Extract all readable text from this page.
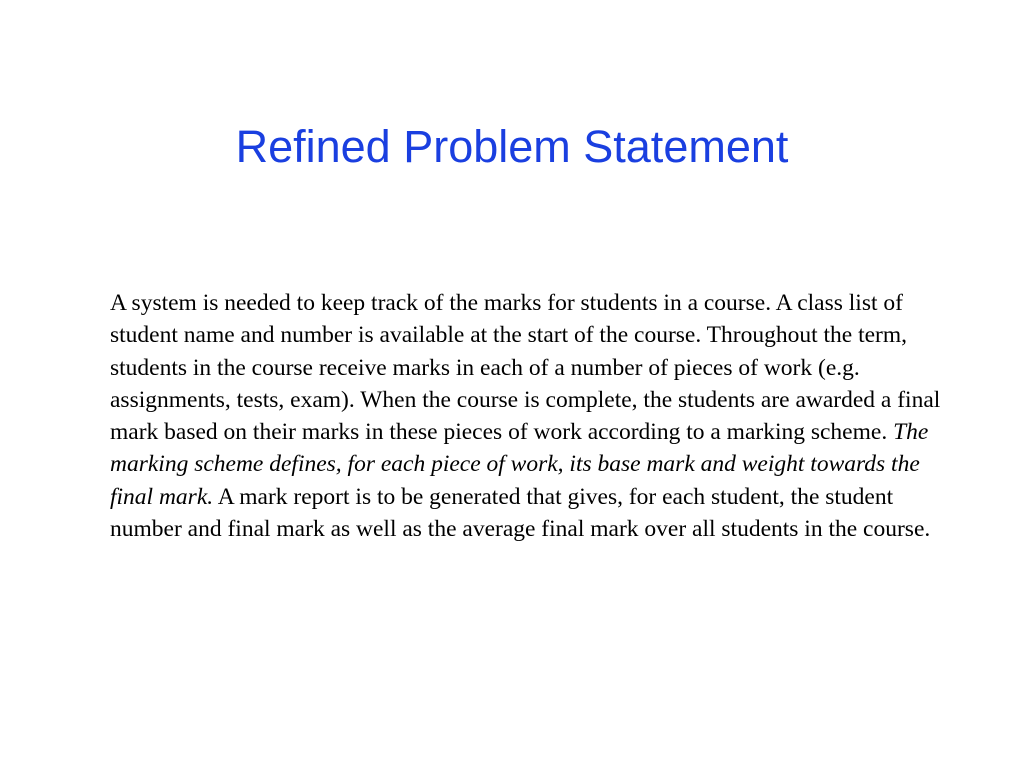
Refined Problem Statement

A system is needed to keep track of the marks for students in a course. A class list of student name and number is available at the start of the course. Throughout the term, students in the course receive marks in each of a number of pieces of work (e.g. assignments, tests, exam). When the course is complete, the students are awarded a final mark based on their marks in these pieces of work according to a marking scheme. The marking scheme defines, for each piece of work, its base mark and weight towards the final mark. A mark report is to be generated that gives, for each student, the student number and final mark as well as the average final mark over all students in the course.
